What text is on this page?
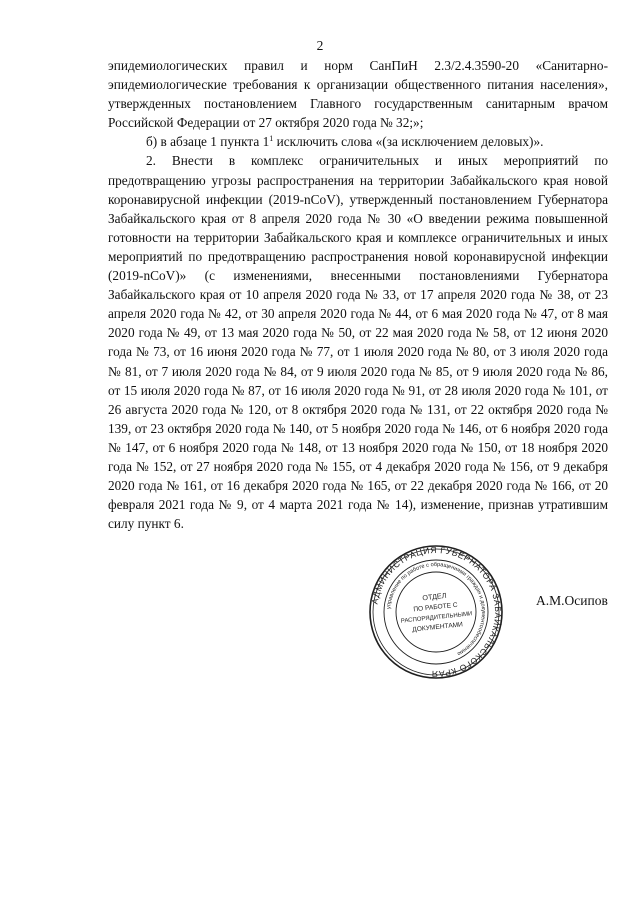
2

эпидемиологических правил и норм СанПиН 2.3/2.4.3590-20 «Санитарно-эпидемиологические требования к организации общественного питания населения», утвержденных постановлением Главного государственным санитарным врачом Российской Федерации от 27 октября 2020 года № 32;»;

б) в абзаце 1 пункта $1^1$ исключить слова «(за исключением деловых)».

2. Внести в комплекс ограничительных и иных мероприятий по предотвращению угрозы распространения на территории Забайкальского края новой коронавирусной инфекции (2019-nCoV), утвержденный постановлением Губернатора Забайкальского края от 8 апреля 2020 года № 30 «О введении режима повышенной готовности на территории Забайкальского края и комплексе ограничительных и иных мероприятий по предотвращению распространения новой коронавирусной инфекции (2019-nCoV)» (с изменениями, внесенными постановлениями Губернатора Забайкальского края от 10 апреля 2020 года № 33, от 17 апреля 2020 года № 38, от 23 апреля 2020 года № 42, от 30 апреля 2020 года № 44, от 6 мая 2020 года № 47, от 8 мая 2020 года № 49, от 13 мая 2020 года № 50, от 22 мая 2020 года № 58, от 12 июня 2020 года № 73, от 16 июня 2020 года № 77, от 1 июля 2020 года № 80, от 3 июля 2020 года № 81, от 7 июля 2020 года № 84, от 9 июля 2020 года № 85, от 9 июля 2020 года № 86, от 15 июля 2020 года № 87, от 16 июля 2020 года № 91, от 28 июля 2020 года № 101, от 26 августа 2020 года № 120, от 8 октября 2020 года № 131, от 22 октября 2020 года № 139, от 23 октября 2020 года № 140, от 5 ноября 2020 года № 146, от 6 ноября 2020 года № 147, от 6 ноября 2020 года № 148, от 13 ноября 2020 года № 150, от 18 ноября 2020 года № 152, от 27 ноября 2020 года № 155, от 4 декабря 2020 года № 156, от 9 декабря 2020 года № 161, от 16 декабря 2020 года № 165, от 22 декабря 2020 года № 166, от 20 февраля 2021 года № 9, от 4 марта 2021 года № 14), изменение, признав утратившим силу пункт 6.

АДМИНИСТРАЦИЯ ГУБЕРНАТОРА ЗАБАЙКАЛЬСКОГО КРАЯ
управление по работе с обращениями граждан и документообеспечению
ОТДЕЛ
ПО РАБОТЕ С
РАСПОРЯДИТЕЛЬНЫМИ
ДОКУМЕНТАМИ
А.М.Осипов
